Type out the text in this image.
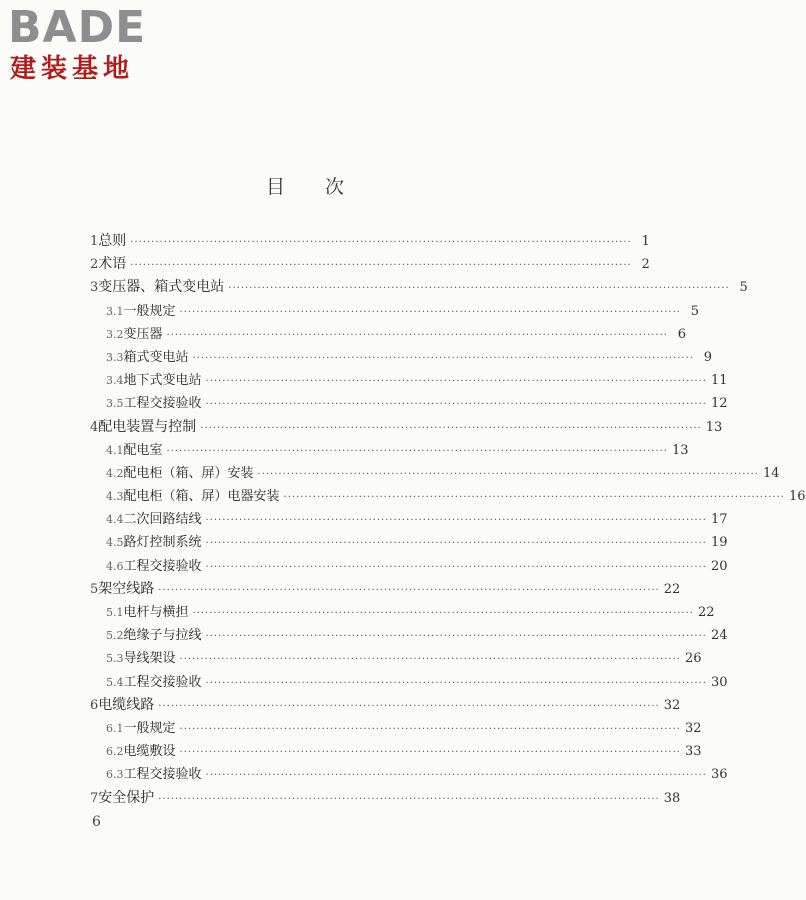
BADE
建装基地
目次
1 总则 ························································································································ 1
2 术语 ························································································································ 2
3 变压器、箱式变电站 ························································································································ 5
3.1 一般规定 ························································································································ 5
3.2 变压器 ························································································································ 6
3.3 箱式变电站 ························································································································ 9
3.4 地下式变电站 ························································································································ 11
3.5 工程交接验收 ························································································································ 12
4 配电装置与控制 ························································································································ 13
4.1 配电室 ························································································································ 13
4.2 配电柜（箱、屏）安装 ························································································································ 14
4.3 配电柜（箱、屏）电器安装 ························································································································ 16
4.4 二次回路结线 ························································································································ 17
4.5 路灯控制系统 ························································································································ 19
4.6 工程交接验收 ························································································································ 20
5 架空线路 ························································································································ 22
5.1 电杆与横担 ························································································································ 22
5.2 绝缘子与拉线 ························································································································ 24
5.3 导线架设 ························································································································ 26
5.4 工程交接验收 ························································································································ 30
6 电缆线路 ························································································································ 32
6.1 一般规定 ························································································································ 32
6.2 电缆敷设 ························································································································ 33
6.3 工程交接验收 ························································································································ 36
7 安全保护 ························································································································ 38
6
